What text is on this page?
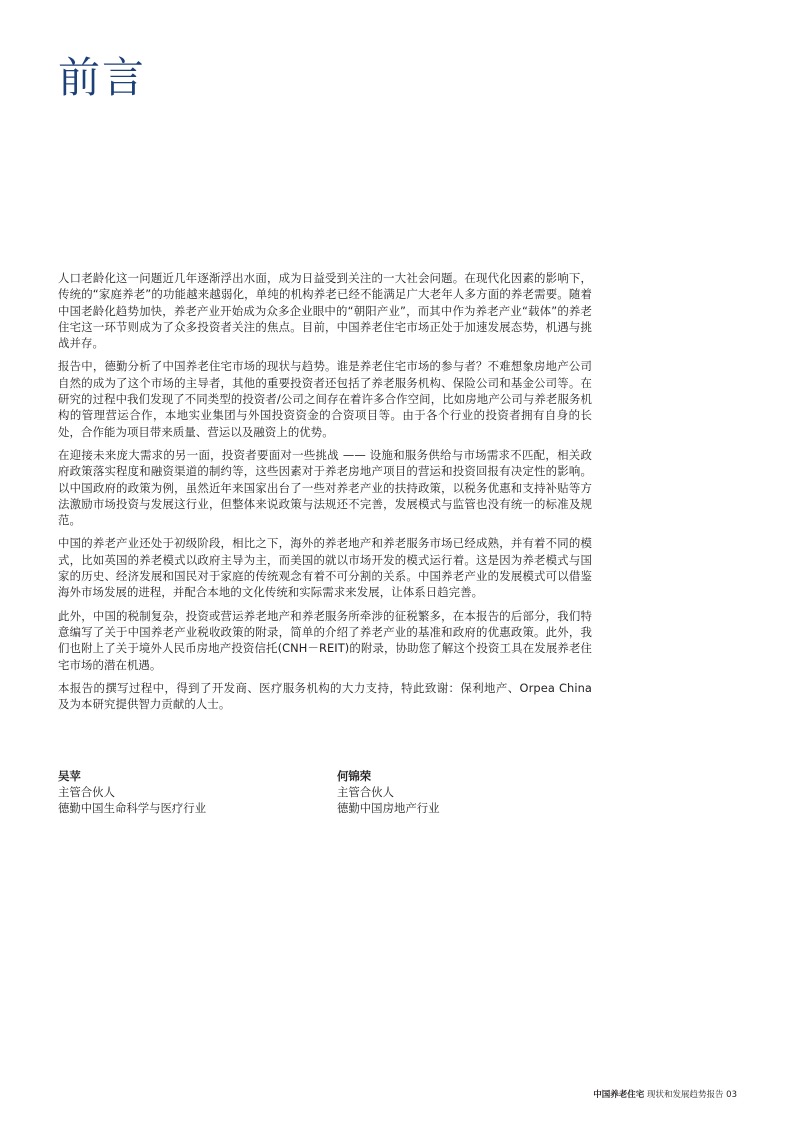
前言

人口老龄化这一问题近几年逐渐浮出水面，成为日益受到关注的一大社会问题。在现代化因素的影响下，传统的“家庭养老”的功能越来越弱化，单纯的机构养老已经不能满足广大老年人多方面的养老需要。随着中国老龄化趋势加快，养老产业开始成为众多企业眼中的“朝阳产业”，而其中作为养老产业“载体”的养老住宅这一环节则成为了众多投资者关注的焦点。目前，中国养老住宅市场正处于加速发展态势，机遇与挑战并存。

报告中，德勤分析了中国养老住宅市场的现状与趋势。谁是养老住宅市场的参与者？不难想象房地产公司自然的成为了这个市场的主导者，其他的重要投资者还包括了养老服务机构、保险公司和基金公司等。在研究的过程中我们发现了不同类型的投资者/公司之间存在着许多合作空间，比如房地产公司与养老服务机构的管理营运合作，本地实业集团与外国投资资金的合资项目等。由于各个行业的投资者拥有自身的长处，合作能为项目带来质量、营运以及融资上的优势。

在迎接未来庞大需求的另一面，投资者要面对一些挑战 —— 设施和服务供给与市场需求不匹配，相关政府政策落实程度和融资渠道的制约等，这些因素对于养老房地产项目的营运和投资回报有决定性的影响。以中国政府的政策为例，虽然近年来国家出台了一些对养老产业的扶持政策，以税务优惠和支持补贴等方法激励市场投资与发展这行业，但整体来说政策与法规还不完善，发展模式与监管也没有统一的标准及规范。

中国的养老产业还处于初级阶段，相比之下，海外的养老地产和养老服务市场已经成熟，并有着不同的模式，比如英国的养老模式以政府主导为主，而美国的就以市场开发的模式运行着。这是因为养老模式与国家的历史、经济发展和国民对于家庭的传统观念有着不可分割的关系。中国养老产业的发展模式可以借鉴海外市场发展的进程，并配合本地的文化传统和实际需求来发展，让体系日趋完善。

此外，中国的税制复杂，投资或营运养老地产和养老服务所牵涉的征税繁多，在本报告的后部分，我们特意编写了关于中国养老产业税收政策的附录，简单的介绍了养老产业的基准和政府的优惠政策。此外，我们也附上了关于境外人民币房地产投资信托(CNH－REIT)的附录，协助您了解这个投资工具在发展养老住宅市场的潜在机遇。

本报告的撰写过程中，得到了开发商、医疗服务机构的大力支持，特此致谢：保利地产、Orpea China 及为本研究提供智力贡献的人士。

吴苹
主管合伙人
德勤中国生命科学与医疗行业
何锦荣
主管合伙人
德勤中国房地产行业
中国养老住宅 现状和发展趋势报告 03
